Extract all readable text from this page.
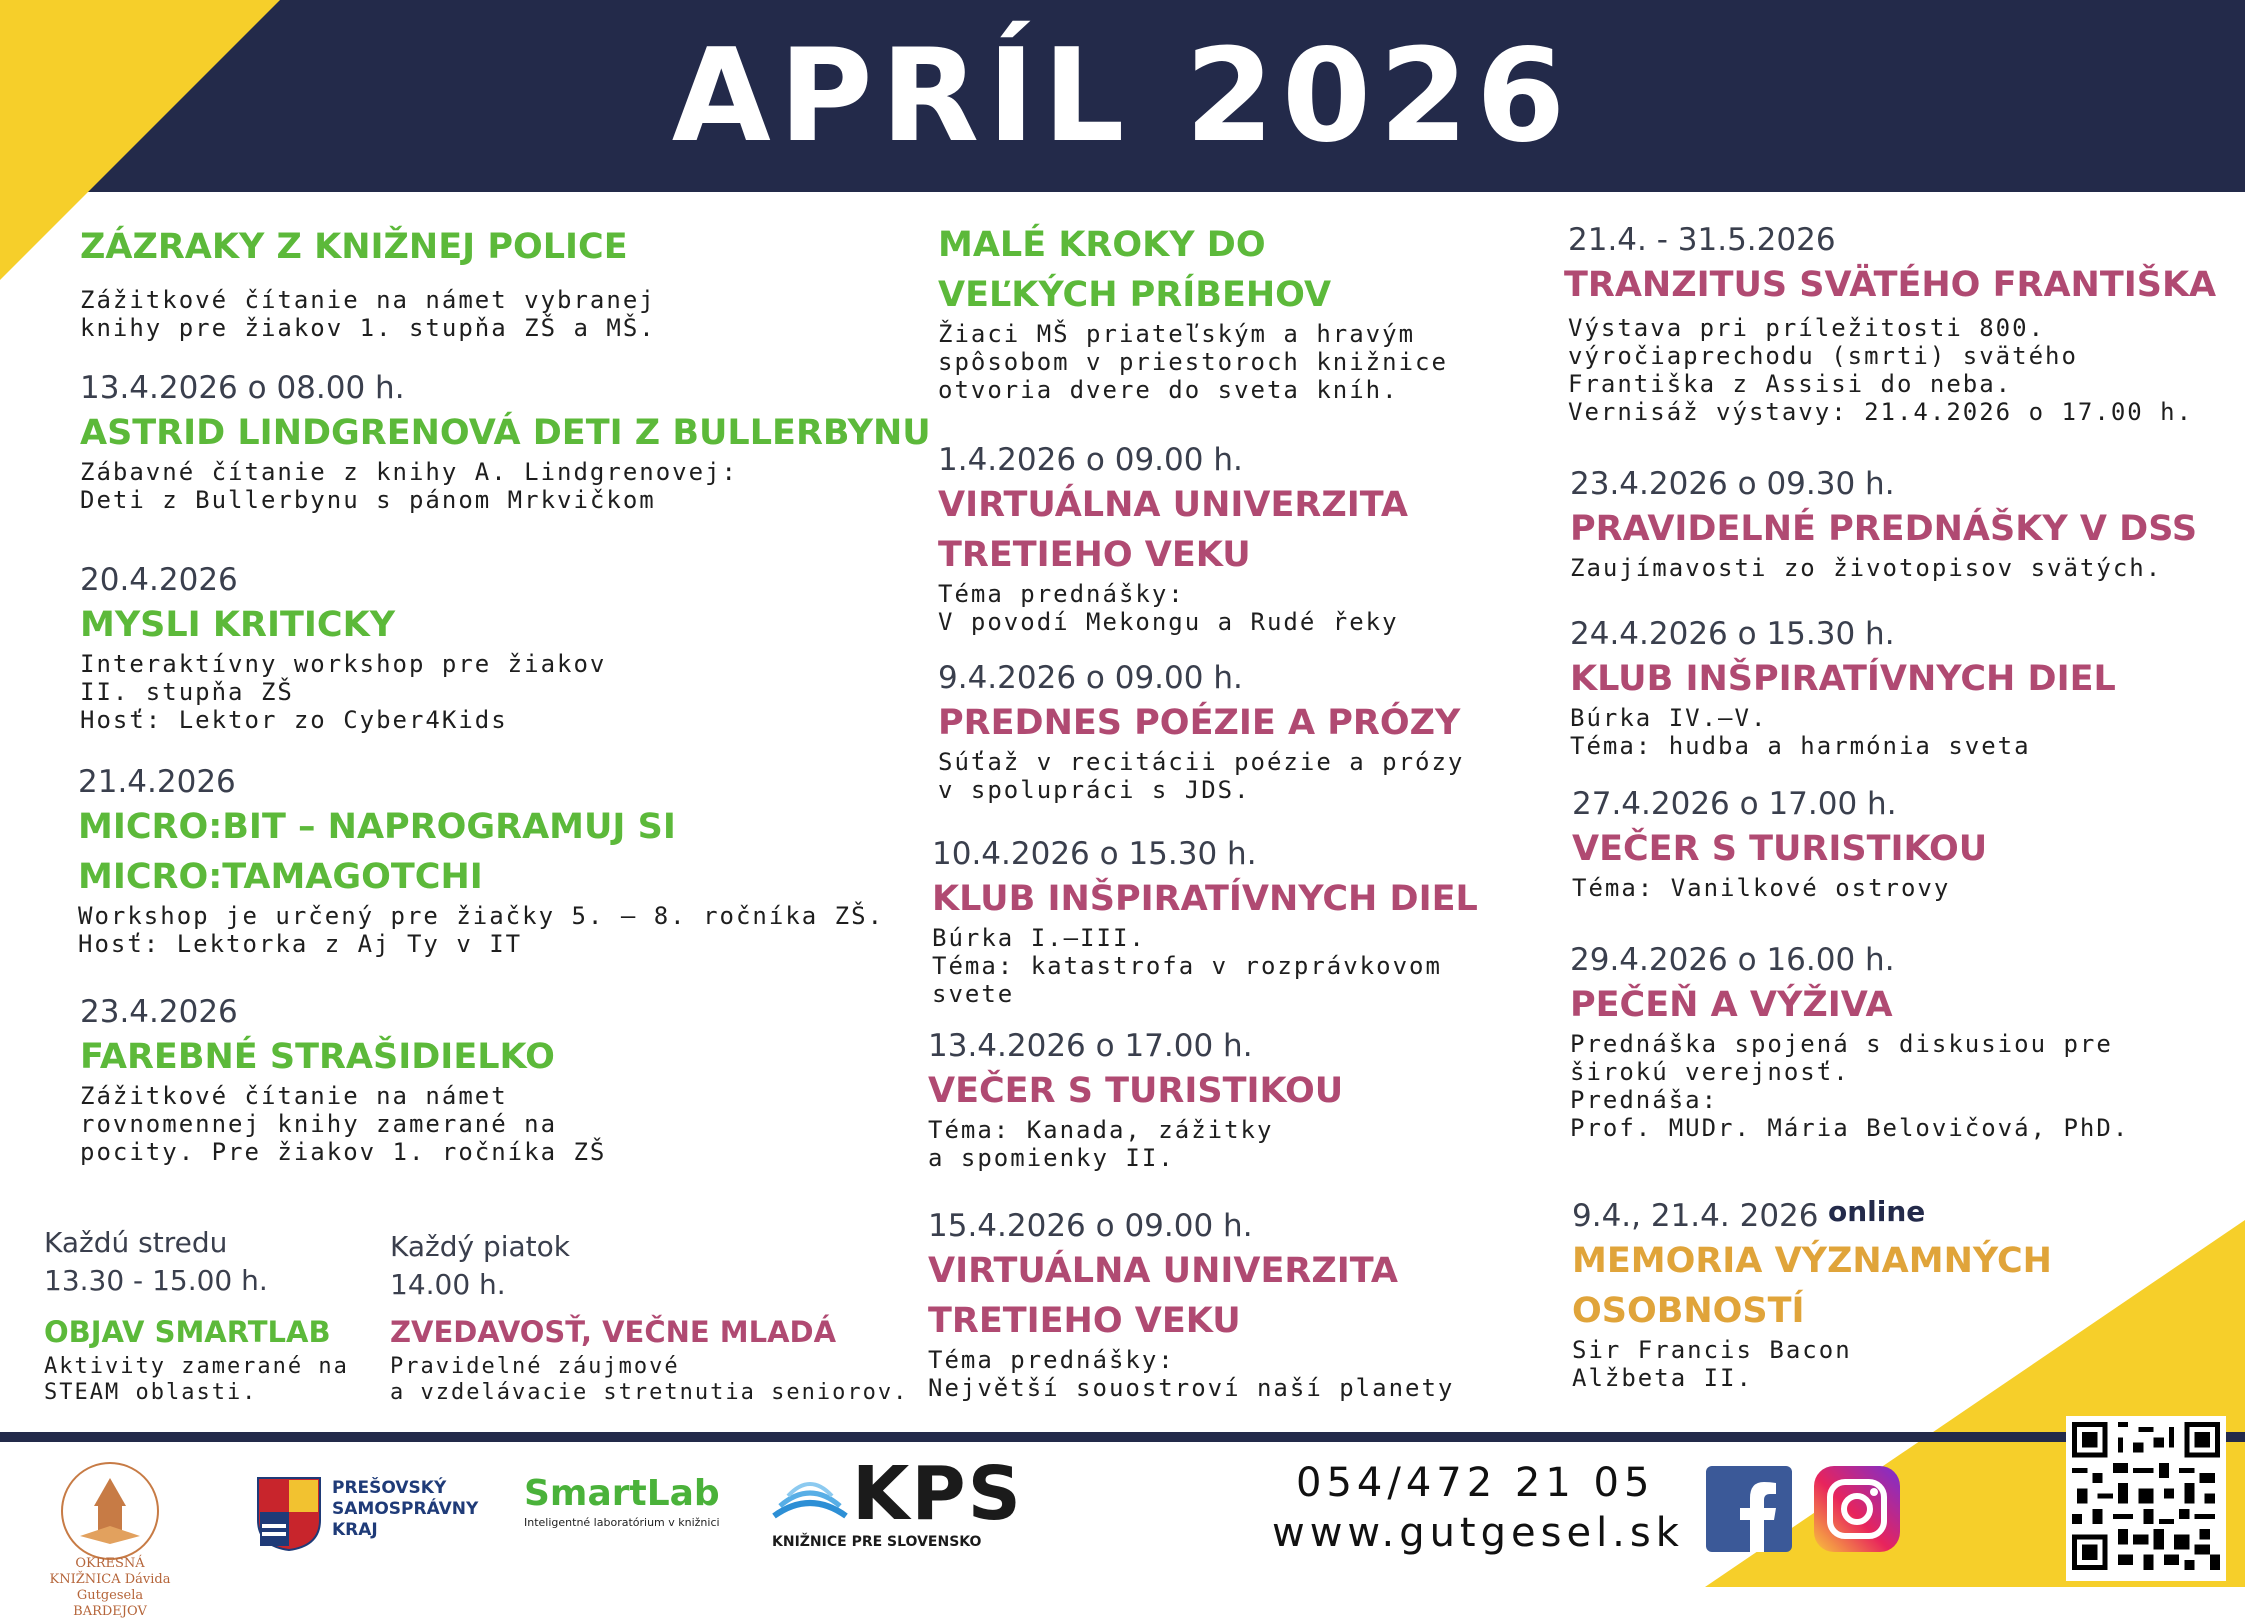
APRÍL 2026
ZÁZRAKY Z KNIŽNEJ POLICE
Zážitkové čítanie na námet vybranej
knihy pre žiakov 1. stupňa ZŠ a MŠ.
13.4.2026 o 08.00 h.
ASTRID LINDGRENOVÁ DETI Z BULLERBYNU
Zábavné čítanie z knihy A. Lindgrenovej:
Deti z Bullerbynu s pánom Mrkvičkom
20.4.2026
MYSLI KRITICKY
Interaktívny workshop pre žiakov
II. stupňa ZŠ
Hosť: Lektor zo Cyber4Kids
21.4.2026
MICRO:BIT – NAPROGRAMUJ SI
MICRO:TAMAGOTCHI
Workshop je určený pre žiačky 5. – 8. ročníka ZŠ.
Hosť: Lektorka z Aj Ty v IT
23.4.2026
FAREBNÉ STRAŠIDIELKO
Zážitkové čítanie na námet
rovnomennej knihy zamerané na
pocity. Pre žiakov 1. ročníka ZŠ
Každú stredu
13.30 - 15.00 h.
OBJAV SMARTLAB
Aktivity zamerané na
STEAM oblasti.
Každý piatok
14.00 h.
ZVEDAVOSŤ, VEČNE MLADÁ
Pravidelné záujmové
a vzdelávacie stretnutia seniorov.
MALÉ KROKY DO
VEĽKÝCH PRÍBEHOV
Žiaci MŠ priateľským a hravým
spôsobom v priestoroch knižnice
otvoria dvere do sveta kníh.
1.4.2026 o 09.00 h.
VIRTUÁLNA UNIVERZITA
TRETIEHO VEKU
Téma prednášky:
V povodí Mekongu a Rudé řeky
9.4.2026 o 09.00 h.
PREDNES POÉZIE A PRÓZY
Súťaž v recitácii poézie a prózy
v spolupráci s JDS.
10.4.2026 o 15.30 h.
KLUB INŠPIRATÍVNYCH DIEL
Búrka I.–III.
Téma: katastrofa v rozprávkovom
svete
13.4.2026 o 17.00 h.
VEČER S TURISTIKOU
Téma: Kanada, zážitky
a spomienky II.
15.4.2026 o 09.00 h.
VIRTUÁLNA UNIVERZITA
TRETIEHO VEKU
Téma prednášky:
Největší souostroví naší planety
21.4. - 31.5.2026
TRANZITUS SVÄTÉHO FRANTIŠKA
Výstava pri príležitosti 800.
výročiaprechodu (smrti) svätého
Františka z Assisi do neba.
Vernisáž výstavy: 21.4.2026 o 17.00 h.
23.4.2026 o 09.30 h.
PRAVIDELNÉ PREDNÁŠKY V DSS
Zaujímavosti zo životopisov svätých.
24.4.2026 o 15.30 h.
KLUB INŠPIRATÍVNYCH DIEL
Búrka IV.–V.
Téma: hudba a harmónia sveta
27.4.2026 o 17.00 h.
VEČER S TURISTIKOU
Téma: Vanilkové ostrovy
29.4.2026 o 16.00 h.
PEČEŇ A VÝŽIVA
Prednáška spojená s diskusiou pre
širokú verejnosť.
Prednáša:
Prof. MUDr. Mária Belovičová, PhD.
9.4., 21.4. 2026
MEMORIA VÝZNAMNÝCH
OSOBNOSTÍ
Sir Francis Bacon
Alžbeta II.
online
OKRESNÁ KNIŽNICA Dávida Gutgesela BARDEJOV
PREŠOVSKÝ
SAMOSPRÁVNY
KRAJ
SmartLab
Inteligentné laboratórium v knižnici KPS
KNIŽNICE PRE SLOVENSKO
054/472 21 05
www.gutgesel.sk
